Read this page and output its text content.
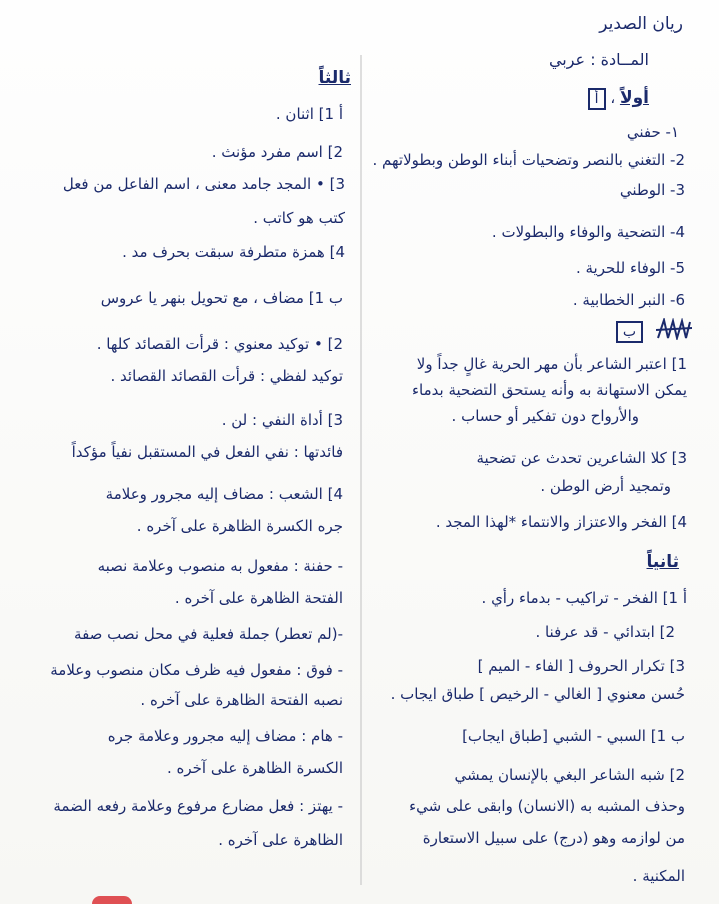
ريان الصدير
المــادة : عربي
أولاً ، أ
١- حفني
2- التغني بالنصر وتضحيات أبناء الوطن وبطولاتهم .
3- الوطني
4- التضحية والوفاء والبطولات .
5- الوفاء للحرية .
6- النبر الخطابية .
ب
1] اعتبر الشاعر بأن مهر الحرية غالٍ جداً ولا
يمكن الاستهانة به وأنه يستحق التضحية بدماء
والأرواح دون تفكير أو حساب .
3] كلا الشاعرين تحدث عن تضحية
وتمجيد أرض الوطن .
4] الفخر والاعتزاز والانتماء *لهذا المجد .
ثانياً
أ 1] الفخر - تراكيب - بدماء رأي .
2] ابتدائي - قد عرفنا .
3] تكرار الحروف [ الفاء - الميم ]
حُسن معنوي [ الغالي - الرخيص ] طباق ايجاب .
ب 1] السبي - الشبي [طباق ايجاب]
2] شبه الشاعر البغي بالإنسان يمشي
وحذف المشبه به (الانسان) وابقى على شيء
من لوازمه وهو (درج) على سبيل الاستعارة
المكنية .
ثالثاً
أ 1] اثنان .
2] اسم مفرد مؤنث .
3] • المجد جامد معنى ، اسم الفاعل من فعل
كتب هو كاتب .
4] همزة متطرفة سبقت بحرف مد .
ب 1] مضاف ، مع تحويل بنهر يا عروس
2] • توكيد معنوي : قرأت القصائد كلها .
توكيد لفظي : قرأت القصائد القصائد .
3] أداة النفي : لن .
فائدتها : نفي الفعل في المستقبل نفياً مؤكداً
4] الشعب : مضاف إليه مجرور وعلامة
جره الكسرة الظاهرة على آخره .
- حفنة : مفعول به منصوب وعلامة نصبه
الفتحة الظاهرة على آخره .
-(لم تعطر) جملة فعلية في محل نصب صفة
- فوق : مفعول فيه ظرف مكان منصوب وعلامة
نصبه الفتحة الظاهرة على آخره .
- هام : مضاف إليه مجرور وعلامة جره
الكسرة الظاهرة على آخره .
- يهتز : فعل مضارع مرفوع وعلامة رفعه الضمة
الظاهرة على آخره .
